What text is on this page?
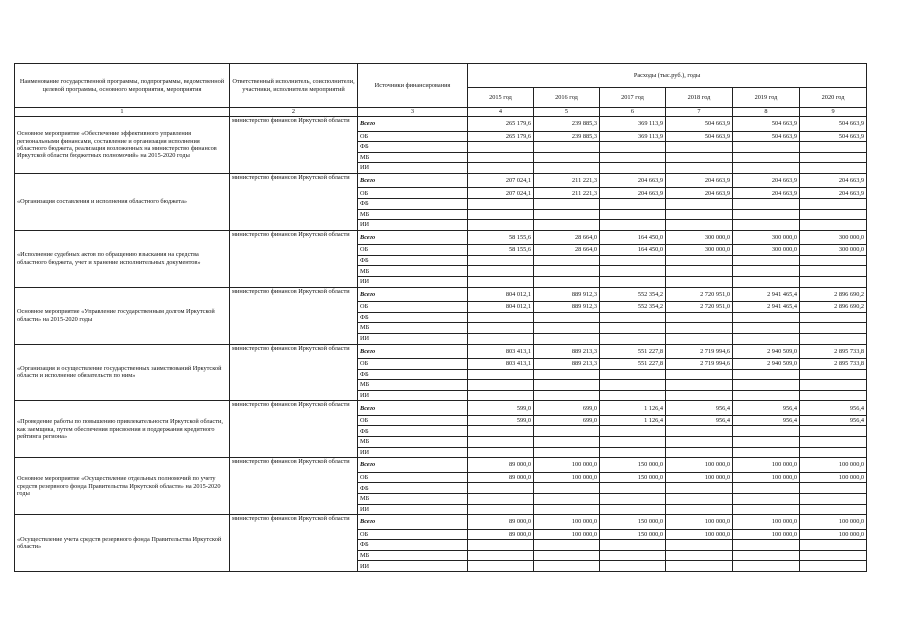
Наименование государственной программы, подпрограммы, ведомственной целевой программы, основного мероприятия, мероприятия	Ответственный исполнитель, соисполнители, участники, исполнители мероприятий	Источники финансирования	Расходы (тыс.руб.), годы					
			2015 год	2016 год	2017 год	2018 год	2019 год	2020 год
1	2	3	4	5	6	7	8	9
Основное мероприятие «Обеспечение эффективного управления региональными финансами, составление и организация исполнения областного бюджета, реализация возложенных на министерство финансов Иркутской области бюджетных полномочий» на 2015-2020 годы	министерство финансов Иркутской области	Всего	265 179,6	239 885,3	369 113,9	504 663,9	504 663,9	504 663,9
		ОБ	265 179,6	239 885,3	369 113,9	504 663,9	504 663,9	504 663,9
		ФБ						
		МБ						
		ИИ						
«Организация составления и исполнения областного бюджета»	министерство финансов Иркутской области	Всего	207 024,1	211 221,3	204 663,9	204 663,9	204 663,9	204 663,9
		ОБ	207 024,1	211 221,3	204 663,9	204 663,9	204 663,9	204 663,9
		ФБ						
		МБ						
		ИИ						
«Исполнение судебных актов по обращению взыскания на средства областного бюджета, учет и хранение исполнительных документов»	министерство финансов Иркутской области	Всего	58 155,6	28 664,0	164 450,0	300 000,0	300 000,0	300 000,0
		ОБ	58 155,6	28 664,0	164 450,0	300 000,0	300 000,0	300 000,0
		ФБ						
		МБ						
		ИИ						
Основное мероприятие «Управление государственным долгом Иркутской области» на 2015-2020 годы	министерство финансов Иркутской области	Всего	804 012,1	889 912,3	552 354,2	2 720 951,0	2 941 465,4	2 896 690,2
		ОБ	804 012,1	889 912,3	552 354,2	2 720 951,0	2 941 465,4	2 896 690,2
		ФБ						
		МБ						
		ИИ						
«Организация и осуществление государственных заимствований Иркутской области и исполнение обязательств по ним»	министерство финансов Иркутской области	Всего	803 413,1	889 213,3	551 227,8	2 719 994,6	2 940 509,0	2 895 733,8
		ОБ	803 413,1	889 213,3	551 227,8	2 719 994,6	2 940 509,0	2 895 733,8
		ФБ						
		МБ						
		ИИ						
«Проведение работы по повышению привлекательности Иркутской области, как заемщика, путем обеспечения присвоения и поддержания кредитного рейтинга региона»	министерство финансов Иркутской области	Всего	599,0	699,0	1 126,4	956,4	956,4	956,4
		ОБ	599,0	699,0	1 126,4	956,4	956,4	956,4
		ФБ						
		МБ						
		ИИ						
Основное мероприятие «Осуществление отдельных полномочий по учету средств резервного фонда Правительства Иркутской области» на 2015-2020 годы	министерство финансов Иркутской области	Всего	89 000,0	100 000,0	150 000,0	100 000,0	100 000,0	100 000,0
		ОБ	89 000,0	100 000,0	150 000,0	100 000,0	100 000,0	100 000,0
		ФБ						
		МБ						
		ИИ						
«Осуществление учета средств резервного фонда Правительства Иркутской области»	министерство финансов Иркутской области	Всего	89 000,0	100 000,0	150 000,0	100 000,0	100 000,0	100 000,0
		ОБ	89 000,0	100 000,0	150 000,0	100 000,0	100 000,0	100 000,0
		ФБ						
		МБ						
		ИИ						
